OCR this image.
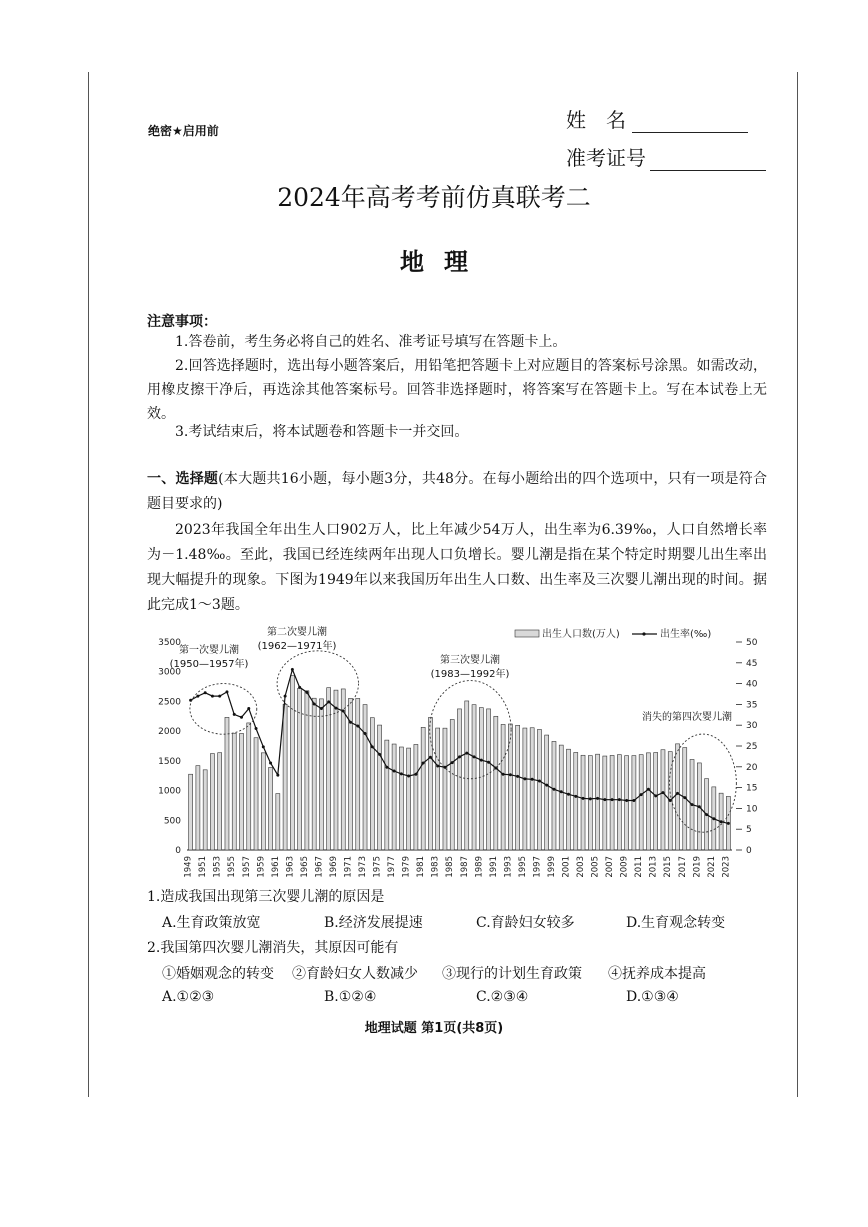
绝密★启用前	姓　名
准考证号
2024年高考考前仿真联考二
地理
注意事项：
1.答卷前，考生务必将自己的姓名、准考证号填写在答题卡上。
2.回答选择题时，选出每小题答案后，用铅笔把答题卡上对应题目的答案标号涂黑。如需改动，用橡皮擦干净后，再选涂其他答案标号。回答非选择题时，将答案写在答题卡上。写在本试卷上无效。
3.考试结束后，将本试题卷和答题卡一并交回。
一、选择题(本大题共16小题，每小题3分，共48分。在每小题给出的四个选项中，只有一项是符合题目要求的)
2023年我国全年出生人口902万人，比上年减少54万人，出生率为6.39‰，人口自然增长率为－1.48‰。至此，我国已经连续两年出现人口负增长。婴儿潮是指在某个特定时期婴儿出生率出现大幅提升的现象。下图为1949年以来我国历年出生人口数、出生率及三次婴儿潮出现的时间。据此完成1～3题。
0
500
1000
1500
2000
2500
3000
3500
0
5
10
15
20
25
30
35
40
45
50
1949 1951 1953 1955 1957 1959 1961 1963 1965 1967 1969 1971 1973 1975 1977 1979 1981 1983 1985 1987 1989 1991 1993 1995 1997 1999 2001 2003 2005 2007 2009 2011 2013 2015 2017 2019 2021 2023
出生人口数(万人)	出生率(‰)
第一次婴儿潮
(1950—1957年)
第二次婴儿潮
(1962—1971年)
第三次婴儿潮
(1983—1992年)
消失的第四次婴儿潮
1.造成我国出现第三次婴儿潮的原因是
A.生育政策放宽	B.经济发展提速	C.育龄妇女较多	D.生育观念转变
2.我国第四次婴儿潮消失，其原因可能有
①婚姻观念的转变 ②育龄妇女人数减少 ③现行的计划生育政策 ④抚养成本提高
A.①②③	B.①②④	C.②③④	D.①③④
地理试题 第1页(共8页)
